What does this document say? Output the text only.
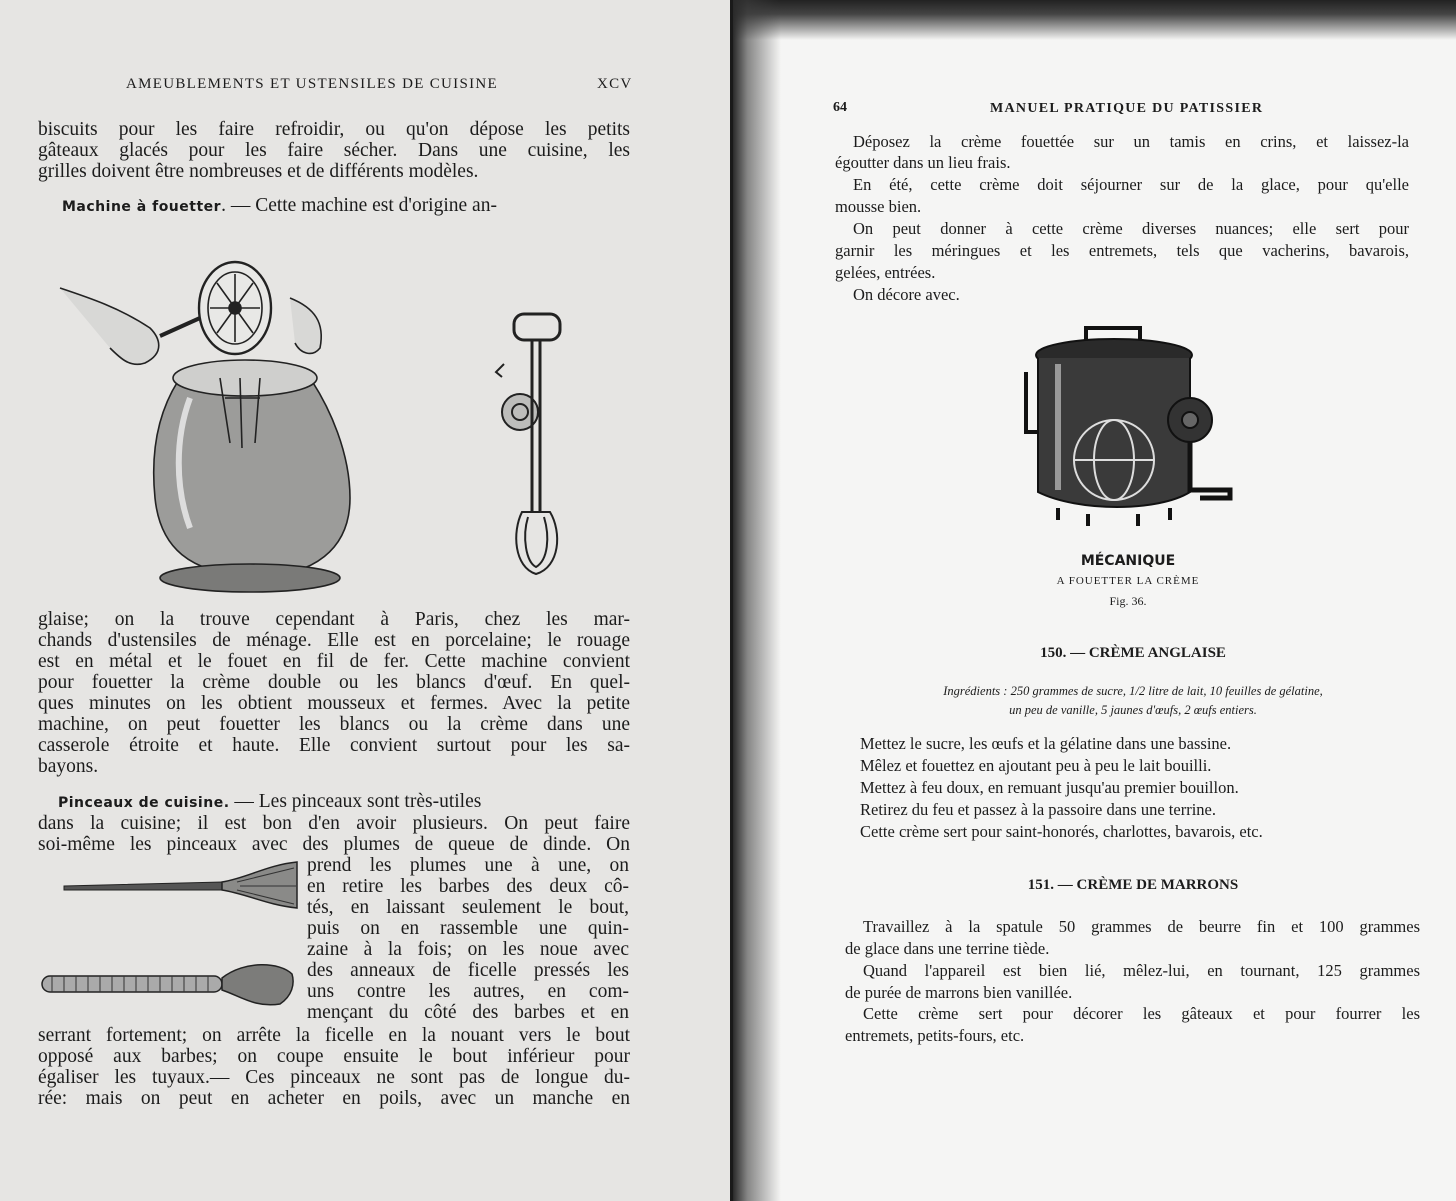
AMEUBLEMENTS ET USTENSILES DE CUISINE	XCV
biscuits pour les faire refroidir, ou qu'on dépose les petits
gâteaux glacés pour les faire sécher. Dans une cuisine, les
grilles doivent être nombreuses et de différents modèles.
Machine à fouetter. — Cette machine est d'origine an-
glaise; on la trouve cependant à Paris, chez les mar-
chands d'ustensiles de ménage. Elle est en porcelaine; le rouage
est en métal et le fouet en fil de fer. Cette machine convient
pour fouetter la crème double ou les blancs d'œuf. En quel-
ques minutes on les obtient mousseux et fermes. Avec la petite
machine, on peut fouetter les blancs ou la crème dans une
casserole étroite et haute. Elle convient surtout pour les sa-
bayons.
Pinceaux de cuisine. — Les pinceaux sont très-utiles
dans la cuisine; il est bon d'en avoir plusieurs. On peut faire
soi-même les pinceaux avec des plumes de queue de dinde. On
prend les plumes une à une, on
en retire les barbes des deux cô-
tés, en laissant seulement le bout,
puis on en rassemble une quin-
zaine à la fois; on les noue avec
des anneaux de ficelle pressés les
uns contre les autres, en com-
mençant du côté des barbes et en
serrant fortement; on arrête la ficelle en la nouant vers le bout
opposé aux barbes; on coupe ensuite le bout inférieur pour
égaliser les tuyaux.— Ces pinceaux ne sont pas de longue du-
rée: mais on peut en acheter en poils, avec un manche en
64	MANUEL PRATIQUE DU PATISSIER
Déposez la crème fouettée sur un tamis en crins, et laissez-la
égoutter dans un lieu frais.
En été, cette crème doit séjourner sur de la glace, pour qu'elle
mousse bien.
On peut donner à cette crème diverses nuances; elle sert pour
garnir les méringues et les entremets, tels que vacherins, bavarois,
gelées, entrées.
On décore avec.
MÉCANIQUE
A FOUETTER LA CRÈME
Fig. 36.
150. — CRÈME ANGLAISE
Ingrédients : 250 grammes de sucre, 1/2 litre de lait, 10 feuilles de gélatine,
un peu de vanille, 5 jaunes d'œufs, 2 œufs entiers.
Mettez le sucre, les œufs et la gélatine dans une bassine.
Mêlez et fouettez en ajoutant peu à peu le lait bouilli.
Mettez à feu doux, en remuant jusqu'au premier bouillon.
Retirez du feu et passez à la passoire dans une terrine.
Cette crème sert pour saint-honorés, charlottes, bavarois, etc.
151. — CRÈME DE MARRONS
Travaillez à la spatule 50 grammes de beurre fin et 100 grammes
de glace dans une terrine tiède.
Quand l'appareil est bien lié, mêlez-lui, en tournant, 125 grammes
de purée de marrons bien vanillée.
Cette crème sert pour décorer les gâteaux et pour fourrer les
entremets, petits-fours, etc.
